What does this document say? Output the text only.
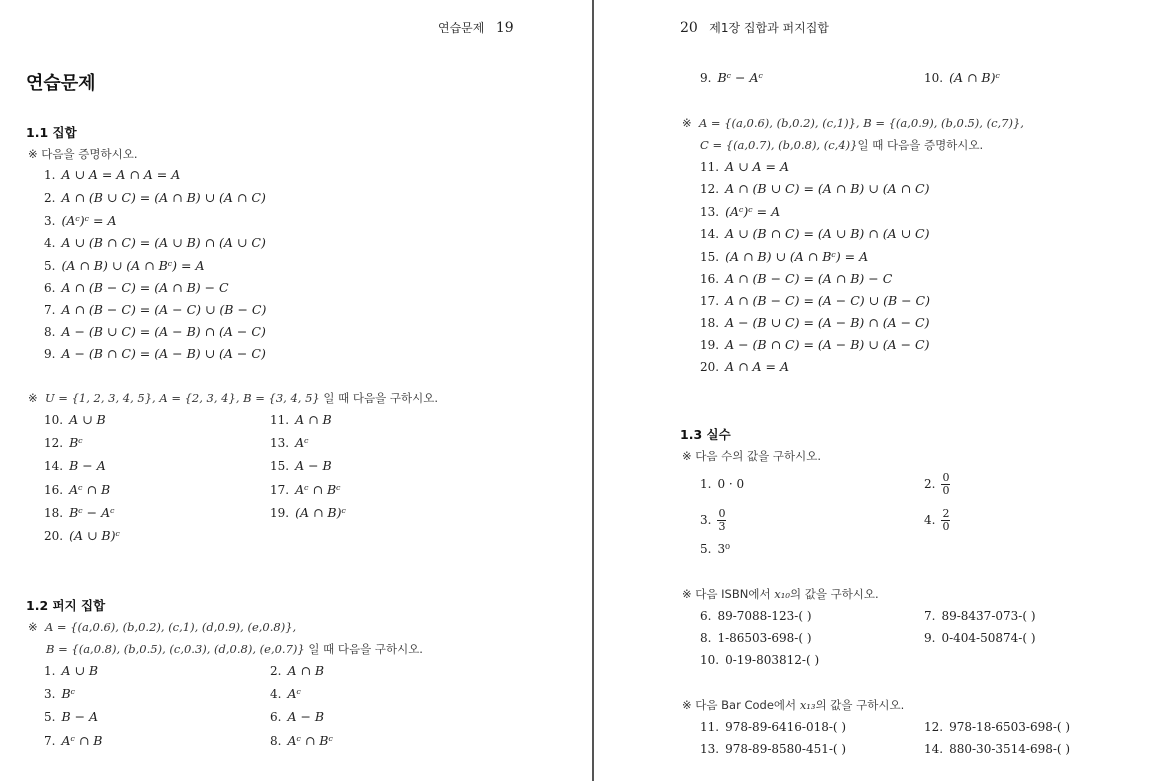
연습문제 19
연습문제
1.1 집합
※ 다음을 증명하시오.
1. A ∪ A = A ∩ A = A
2. A ∩ (B ∪ C) = (A ∩ B) ∪ (A ∩ C)
3. (Aᶜ)ᶜ = A
4. A ∪ (B ∩ C) = (A ∪ B) ∩ (A ∪ C)
5. (A ∩ B) ∪ (A ∩ Bᶜ) = A
6. A ∩ (B − C) = (A ∩ B) − C
7. A ∩ (B − C) = (A − C) ∪ (B − C)
8. A − (B ∪ C) = (A − B) ∩ (A − C)
9. A − (B ∩ C) = (A − B) ∪ (A − C)
※  U = {1, 2, 3, 4, 5}, A = {2, 3, 4}, B = {3, 4, 5} 일 때 다음을 구하시오.
10. A ∪ B	11. A ∩ B
12. Bᶜ	13. Aᶜ
14. B − A	15. A − B
16. Aᶜ ∩ B	17. Aᶜ ∩ Bᶜ
18. Bᶜ − Aᶜ	19. (A ∩ B)ᶜ
20. (A ∪ B)ᶜ
1.2 퍼지 집합
※  A = {(a,0.6), (b,0.2), (c,1), (d,0.9), (e,0.8)},
B = {(a,0.8), (b,0.5), (c,0.3), (d,0.8), (e,0.7)} 일 때 다음을 구하시오.
1. A ∪ B	2. A ∩ B
3. Bᶜ	4. Aᶜ
5. B − A	6. A − B
7. Aᶜ ∩ B	8. Aᶜ ∩ Bᶜ
20 제1장 집합과 퍼지집합
9. Bᶜ − Aᶜ	10. (A ∩ B)ᶜ
※  A = {(a,0.6), (b,0.2), (c,1)}, B = {(a,0.9), (b,0.5), (c,7)},
C = {(a,0.7), (b,0.8), (c,4)}일 때 다음을 증명하시오.
11. A ∪ A = A
12. A ∩ (B ∪ C) = (A ∩ B) ∪ (A ∩ C)
13. (Aᶜ)ᶜ = A
14. A ∪ (B ∩ C) = (A ∪ B) ∩ (A ∪ C)
15. (A ∩ B) ∪ (A ∩ Bᶜ) = A
16. A ∩ (B − C) = (A ∩ B) − C
17. A ∩ (B − C) = (A − C) ∪ (B − C)
18. A − (B ∪ C) = (A − B) ∩ (A − C)
19. A − (B ∩ C) = (A − B) ∪ (A − C)
20. A ∩ A = A
1.3 실수
※ 다음 수의 값을 구하시오.
1. 0 · 0	2. $\frac{0}{0}$
3. $\frac{0}{3}$	4. $\frac{2}{0}$
5. 3⁰
※ 다음 ISBN에서 x₁₀의 값을 구하시오.
6. 89-7088-123-( )	7. 89-8437-073-( )
8. 1-86503-698-( )	9. 0-404-50874-( )
10. 0-19-803812-( )
※ 다음 Bar Code에서 x₁₃의 값을 구하시오.
11. 978-89-6416-018-( )	12. 978-18-6503-698-( )
13. 978-89-8580-451-( )	14. 880-30-3514-698-( )
